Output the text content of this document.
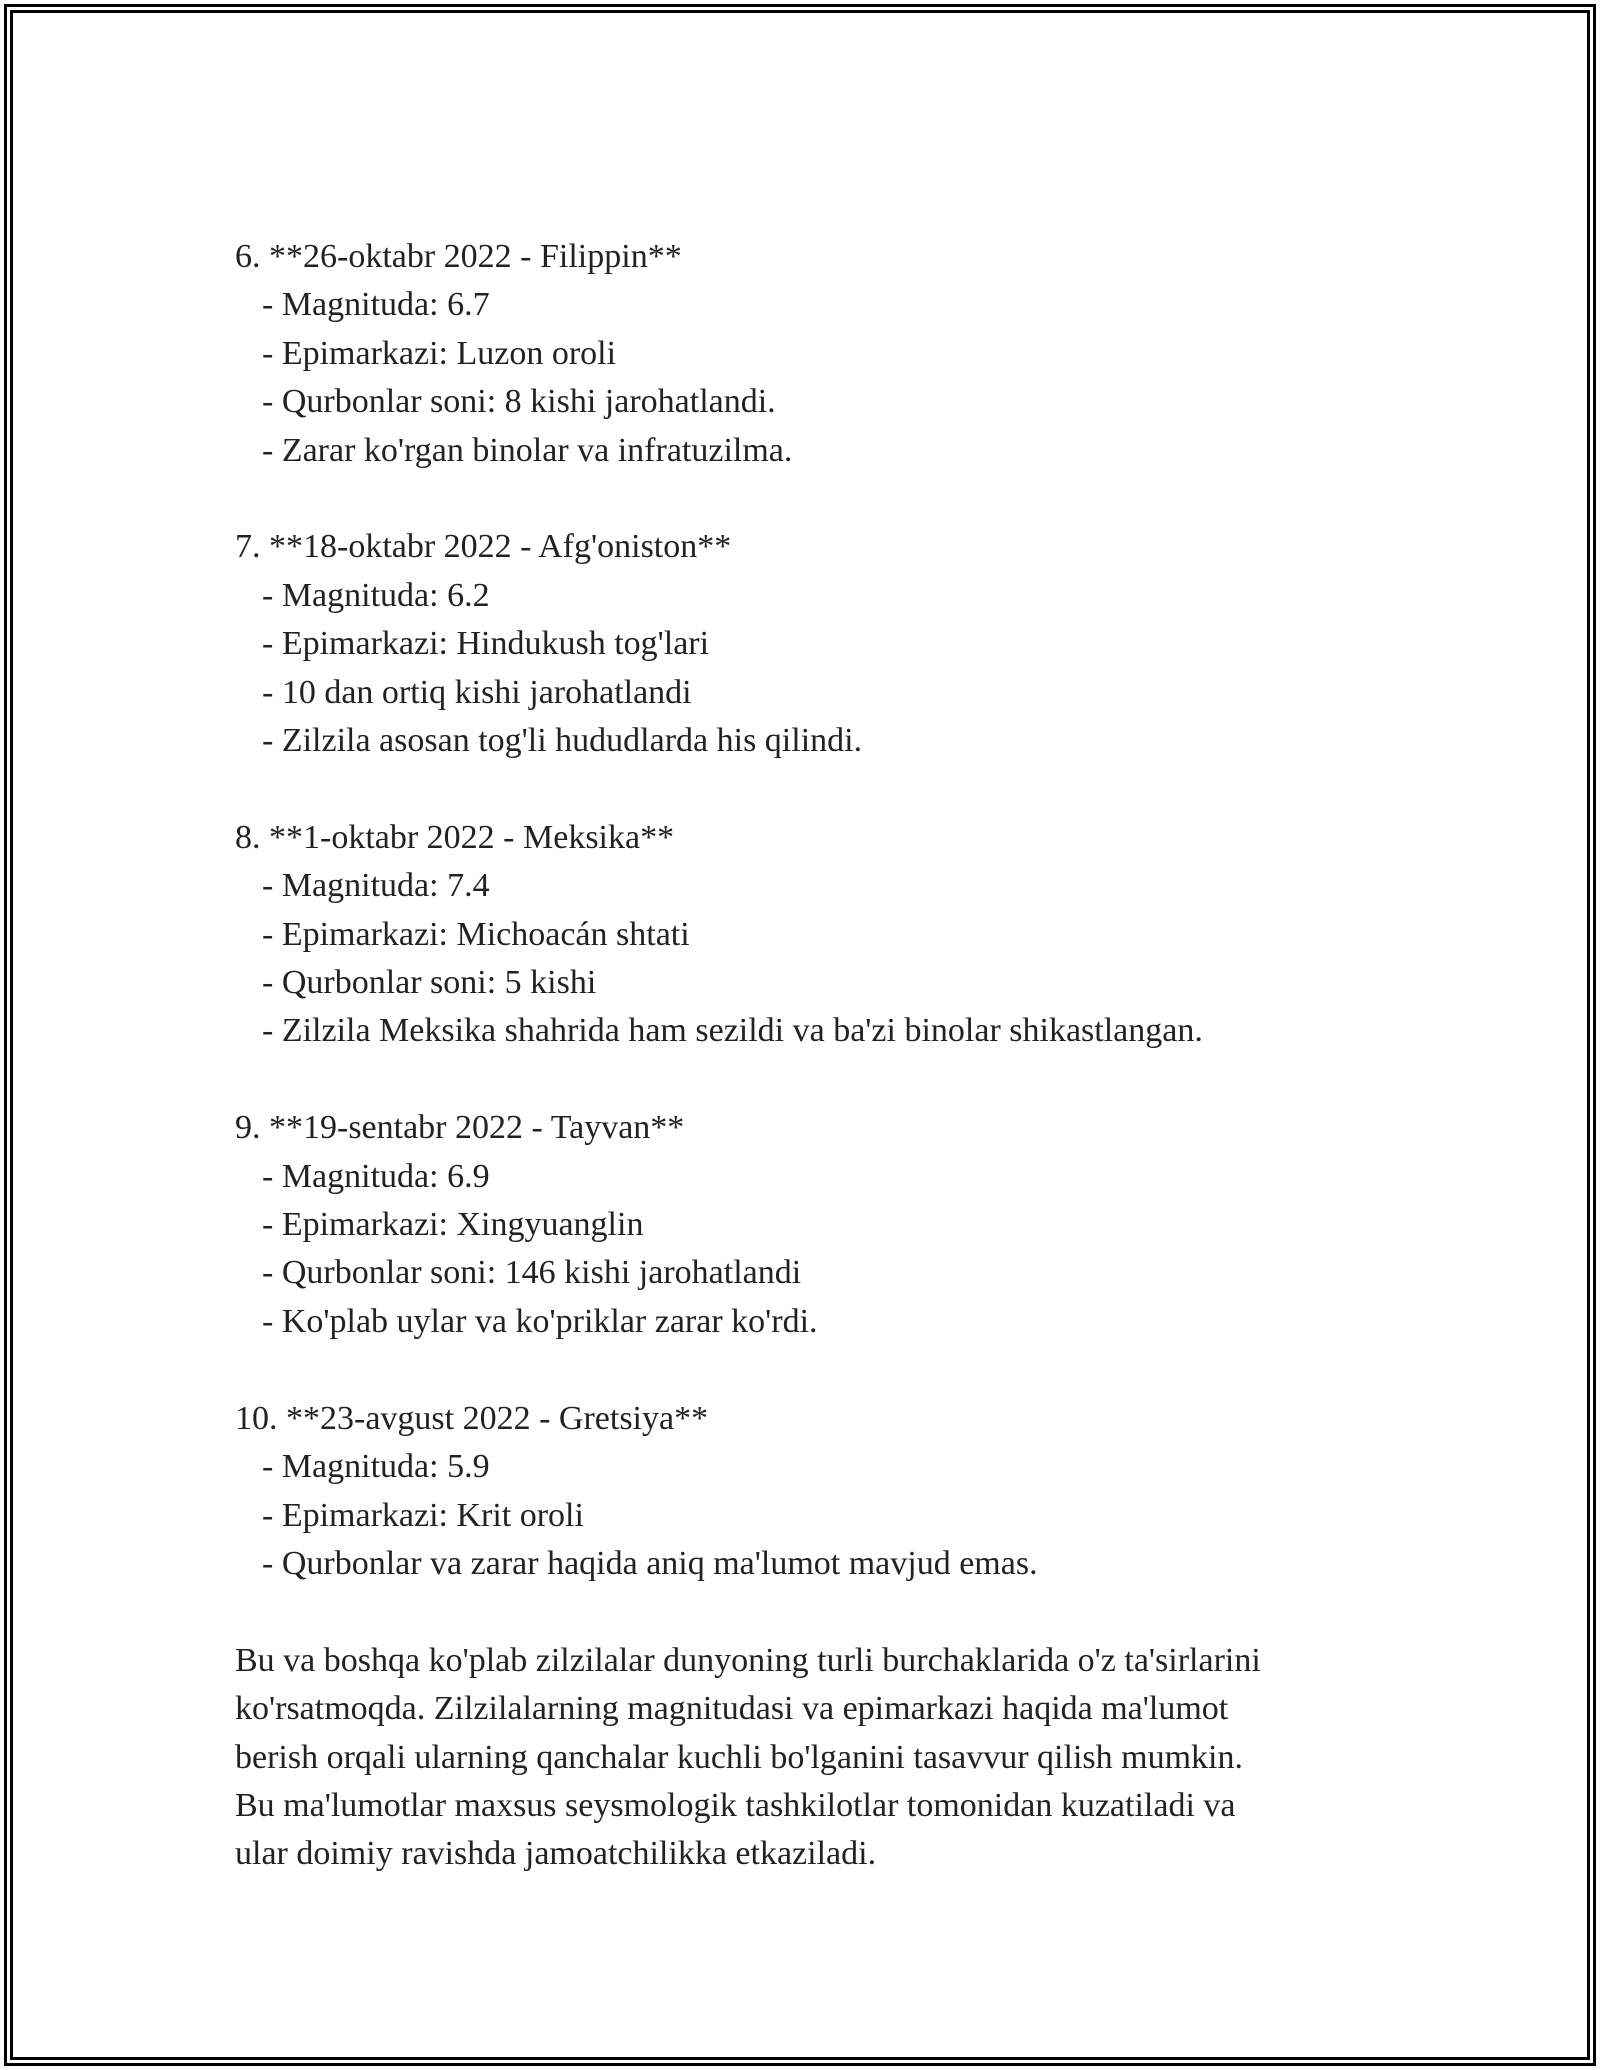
6. **26-oktabr 2022 - Filippin**
- Magnituda: 6.7
- Epimarkazi: Luzon oroli
- Qurbonlar soni: 8 kishi jarohatlandi.
- Zarar ko'rgan binolar va infratuzilma.
7. **18-oktabr 2022 - Afg'oniston**
- Magnituda: 6.2
- Epimarkazi: Hindukush tog'lari
- 10 dan ortiq kishi jarohatlandi
- Zilzila asosan tog'li hududlarda his qilindi.
8. **1-oktabr 2022 - Meksika**
- Magnituda: 7.4
- Epimarkazi: Michoacán shtati
- Qurbonlar soni: 5 kishi
- Zilzila Meksika shahrida ham sezildi va ba'zi binolar shikastlangan.
9. **19-sentabr 2022 - Tayvan**
- Magnituda: 6.9
- Epimarkazi: Xingyuanglin
- Qurbonlar soni: 146 kishi jarohatlandi
- Ko'plab uylar va ko'priklar zarar ko'rdi.
10. **23-avgust 2022 - Gretsiya**
- Magnituda: 5.9
- Epimarkazi: Krit oroli
- Qurbonlar va zarar haqida aniq ma'lumot mavjud emas.

Bu va boshqa ko'plab zilzilalar dunyoning turli burchaklarida o'z ta'sirlarini

ko'rsatmoqda. Zilzilalarning magnitudasi va epimarkazi haqida ma'lumot

berish orqali ularning qanchalar kuchli bo'lganini tasavvur qilish mumkin.

Bu ma'lumotlar maxsus seysmologik tashkilotlar tomonidan kuzatiladi va

ular doimiy ravishda jamoatchilikka etkaziladi.
